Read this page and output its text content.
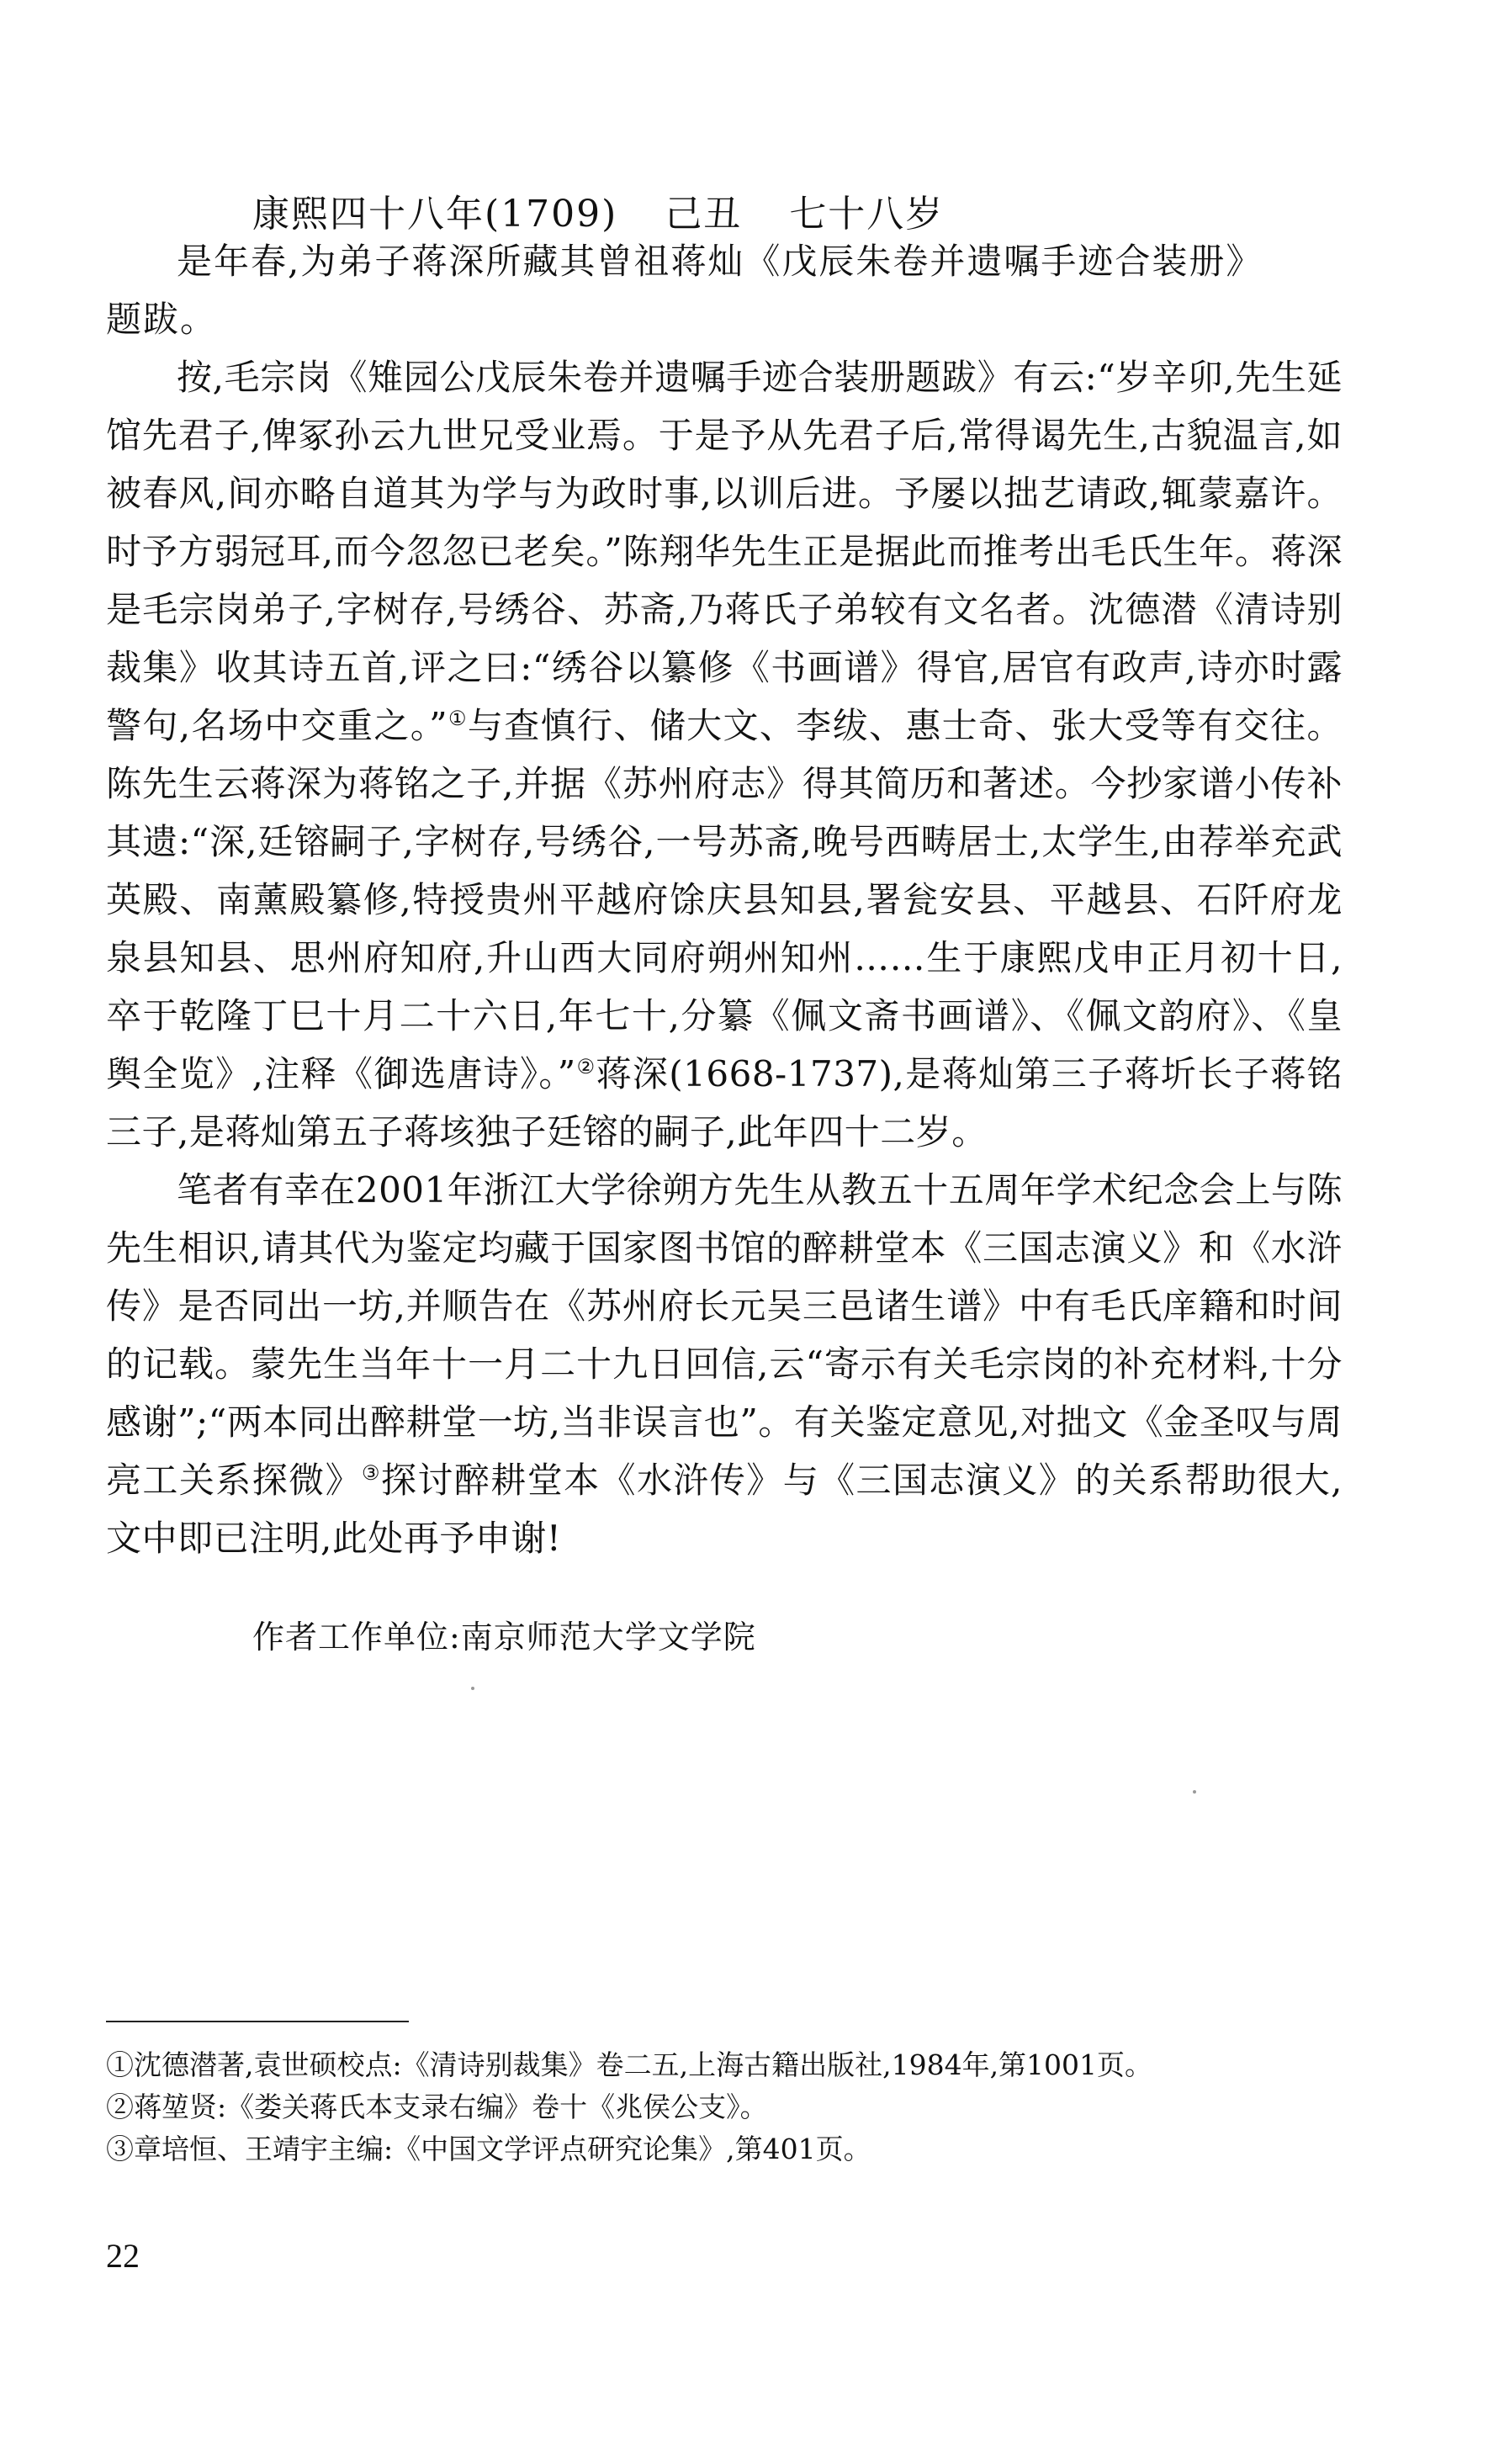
康熙四十八年(1709) 己丑 七十八岁

是年春,为弟子蒋深所藏其曾祖蒋灿《戊辰朱卷并遗嘱手迹合装册》

题跋。

按,毛宗岗《雉园公戊辰朱卷并遗嘱手迹合装册题跋》有云:“岁辛卯,先生延馆先君子,俾冢孙云九世兄受业焉。于是予从先君子后,常得谒先生,古貌温言,如被春风,间亦略自道其为学与为政时事,以训后进。予屡以拙艺请政,辄蒙嘉许。时予方弱冠耳,而今忽忽已老矣。”陈翔华先生正是据此而推考出毛氏生年。蒋深是毛宗岗弟子,字树存,号绣谷、苏斋,乃蒋氏子弟较有文名者。沈德潜《清诗别裁集》收其诗五首,评之曰:“绣谷以纂修《书画谱》得官,居官有政声,诗亦时露警句,名场中交重之。”①与查慎行、储大文、李绂、惠士奇、张大受等有交往。陈先生云蒋深为蒋铭之子,并据《苏州府志》得其简历和著述。今抄家谱小传补其遗:“深,廷镕嗣子,字树存,号绣谷,一号苏斋,晚号西畴居士,太学生,由荐举充武英殿、南薰殿纂修,特授贵州平越府馀庆县知县,署瓮安县、平越县、石阡府龙泉县知县、思州府知府,升山西大同府朔州知州……生于康熙戊申正月初十日,卒于乾隆丁巳十月二十六日,年七十,分纂《佩文斋书画谱》、《佩文韵府》、《皇舆全览》,注释《御选唐诗》。”②蒋深(1668-1737),是蒋灿第三子蒋圻长子蒋铭三子,是蒋灿第五子蒋垓独子廷镕的嗣子,此年四十二岁。

笔者有幸在2001年浙江大学徐朔方先生从教五十五周年学术纪念会上与陈先生相识,请其代为鉴定均藏于国家图书馆的醉耕堂本《三国志演义》和《水浒传》是否同出一坊,并顺告在《苏州府长元吴三邑诸生谱》中有毛氏庠籍和时间的记载。蒙先生当年十一月二十九日回信,云“寄示有关毛宗岗的补充材料,十分感谢”;“两本同出醉耕堂一坊,当非误言也”。有关鉴定意见,对拙文《金圣叹与周亮工关系探微》③探讨醉耕堂本《水浒传》与《三国志演义》的关系帮助很大,文中即已注明,此处再予申谢!

作者工作单位:南京师范大学文学院

①沈德潜著,袁世硕校点:《清诗别裁集》卷二五,上海古籍出版社,1984年,第1001页。

②蒋堃贤:《娄关蒋氏本支录右编》卷十《兆侯公支》。

③章培恒、王靖宇主编:《中国文学评点研究论集》,第401页。

22
